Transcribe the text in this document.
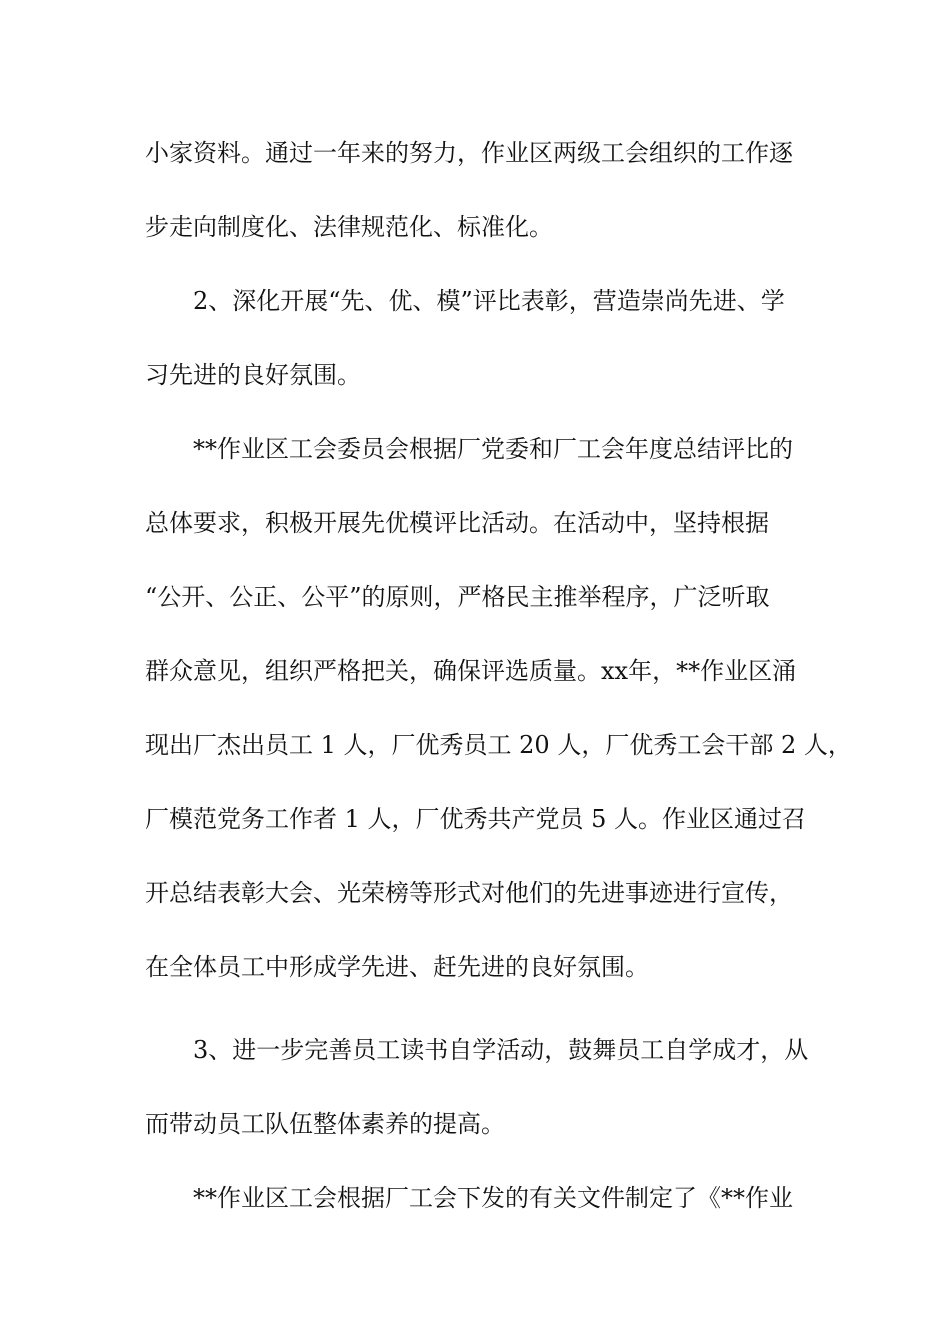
小家资料。通过一年来的努力，作业区两级工会组织的工作逐
步走向制度化、法律规范化、标准化。
2、深化开展“先、优、模”评比表彰，营造崇尚先进、学
习先进的良好氛围。
**作业区工会委员会根据厂党委和厂工会年度总结评比的
总体要求，积极开展先优模评比活动。在活动中，坚持根据
“公开、公正、公平”的原则，严格民主推举程序，广泛听取
群众意见，组织严格把关，确保评选质量。xx年，**作业区涌
现出厂杰出员工 1 人，厂优秀员工 20 人，厂优秀工会干部 2 人，
厂模范党务工作者 1 人，厂优秀共产党员 5 人。作业区通过召
开总结表彰大会、光荣榜等形式对他们的先进事迹进行宣传，
在全体员工中形成学先进、赶先进的良好氛围。
3、进一步完善员工读书自学活动，鼓舞员工自学成才，从
而带动员工队伍整体素养的提高。
**作业区工会根据厂工会下发的有关文件制定了《**作业
